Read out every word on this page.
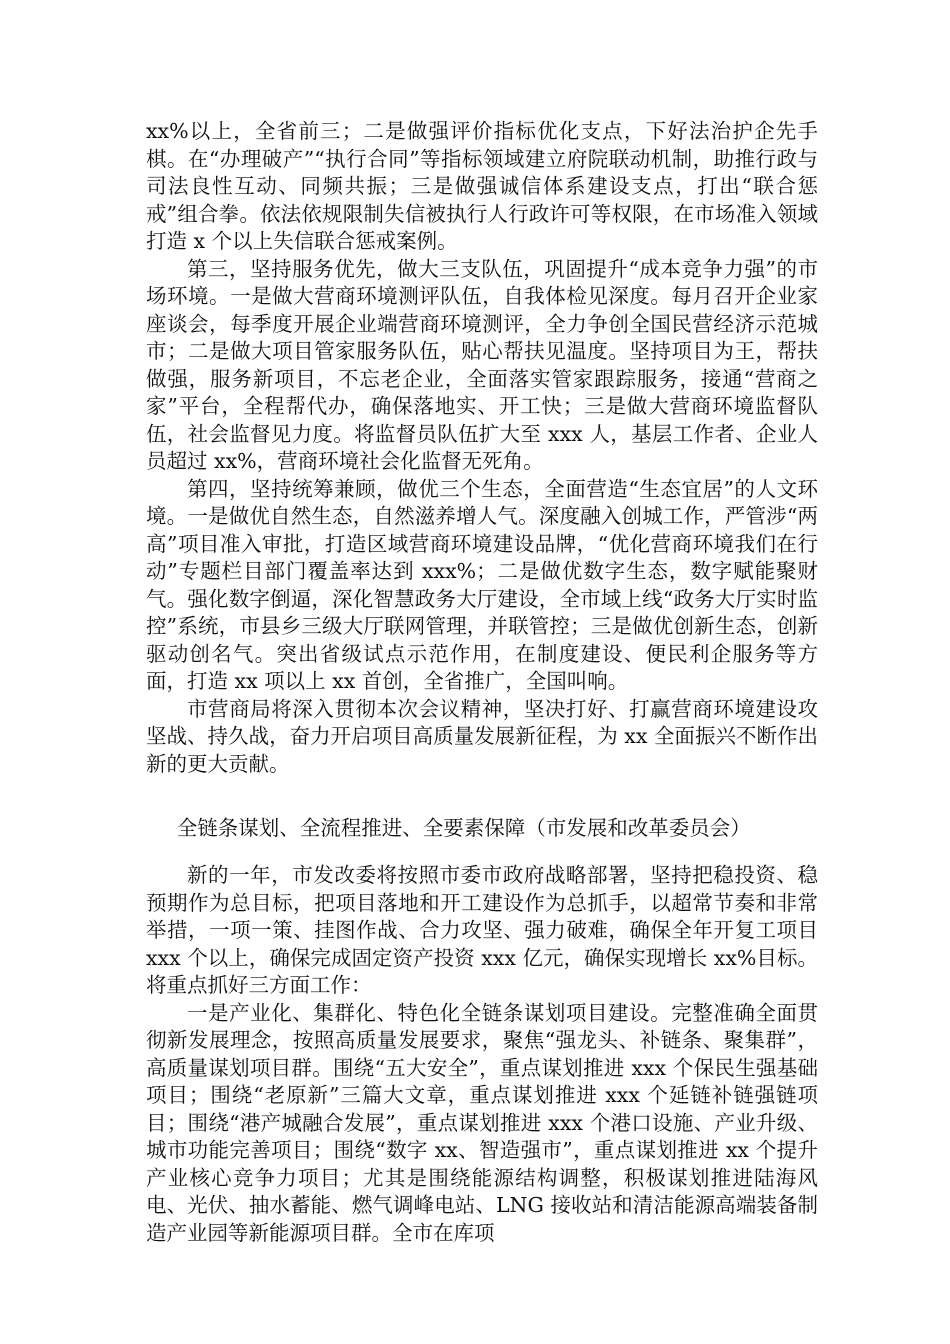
xx%以上，全省前三；二是做强评价指标优化支点，下好法治护企先手棋。在“办理破产”“执行合同”等指标领域建立府院联动机制，助推行政与司法良性互动、同频共振；三是做强诚信体系建设支点，打出“联合惩戒”组合拳。依法依规限制失信被执行人行政许可等权限，在市场准入领域打造 x 个以上失信联合惩戒案例。

第三，坚持服务优先，做大三支队伍，巩固提升“成本竞争力强”的市场环境。一是做大营商环境测评队伍，自我体检见深度。每月召开企业家座谈会，每季度开展企业端营商环境测评，全力争创全国民营经济示范城市；二是做大项目管家服务队伍，贴心帮扶见温度。坚持项目为王，帮扶做强，服务新项目，不忘老企业，全面落实管家跟踪服务，接通“营商之家”平台，全程帮代办，确保落地实、开工快；三是做大营商环境监督队伍，社会监督见力度。将监督员队伍扩大至 xxx 人，基层工作者、企业人员超过 xx%，营商环境社会化监督无死角。

第四，坚持统筹兼顾，做优三个生态，全面营造“生态宜居”的人文环境。一是做优自然生态，自然滋养增人气。深度融入创城工作，严管涉“两高”项目准入审批，打造区域营商环境建设品牌，“优化营商环境我们在行动”专题栏目部门覆盖率达到 xxx%；二是做优数字生态，数字赋能聚财气。强化数字倒逼，深化智慧政务大厅建设，全市域上线“政务大厅实时监控”系统，市县乡三级大厅联网管理，并联管控；三是做优创新生态，创新驱动创名气。突出省级试点示范作用，在制度建设、便民利企服务等方面，打造 xx 项以上 xx 首创，全省推广，全国叫响。

市营商局将深入贯彻本次会议精神，坚决打好、打赢营商环境建设攻坚战、持久战，奋力开启项目高质量发展新征程，为 xx 全面振兴不断作出新的更大贡献。

全链条谋划、全流程推进、全要素保障（市发展和改革委员会）

新的一年，市发改委将按照市委市政府战略部署，坚持把稳投资、稳预期作为总目标，把项目落地和开工建设作为总抓手，以超常节奏和非常举措，一项一策、挂图作战、合力攻坚、强力破难，确保全年开复工项目 xxx 个以上，确保完成固定资产投资 xxx 亿元，确保实现增长 xx%目标。将重点抓好三方面工作：

一是产业化、集群化、特色化全链条谋划项目建设。完整准确全面贯彻新发展理念，按照高质量发展要求，聚焦“强龙头、补链条、聚集群”，高质量谋划项目群。围绕“五大安全”，重点谋划推进 xxx 个保民生强基础项目；围绕“老原新”三篇大文章，重点谋划推进 xxx 个延链补链强链项目；围绕“港产城融合发展”，重点谋划推进 xxx 个港口设施、产业升级、城市功能完善项目；围绕“数字 xx、智造强市”，重点谋划推进 xx 个提升产业核心竞争力项目；尤其是围绕能源结构调整，积极谋划推进陆海风电、光伏、抽水蓄能、燃气调峰电站、LNG 接收站和清洁能源高端装备制造产业园等新能源项目群。全市在库项
